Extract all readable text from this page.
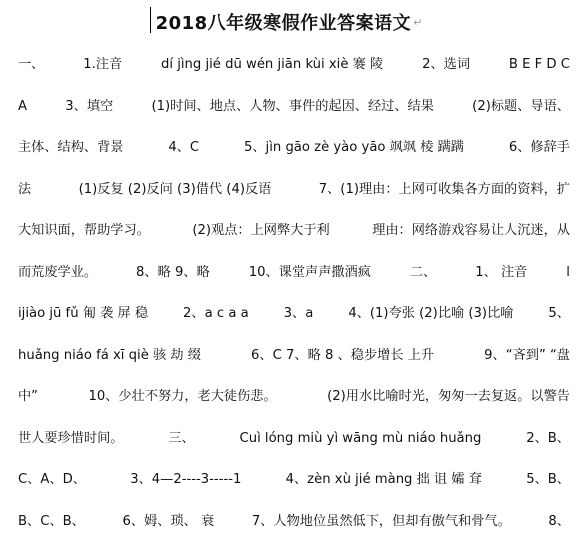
2018八年级寒假作业答案语文 ↵
一、	1.注音	dí jìng jié dū wén jiān kùi xiè 褰 陵	2、选词	B E F D C
A	3、填空	(1)时间、地点、人物、事件的起因、经过、结果	(2)标题、导语、
主体、结构、背景	4、C	5、jìn gāo zè yào yāo 飒飒 棱 蹒蹒	6、修辞手
法	(1)反复 (2)反问 (3)借代 (4)反语	7、(1)理由：上网可收集各方面的资料，扩
大知识面，帮助学习。	(2)观点：上网弊大于利	理由：网络游戏容易让人沉迷，从
而荒废学业。	8、略 9、略	10、课堂声声撒酒疯	二、	1、 注音	l
ijiào jū fǔ 匍 袭 屏 稳	2、a c a a	3、a	4、(1)夸张 (2)比喻 (3)比喻	5、
huǎng niáo fá xī qiè 骇 劫 缀	6、C 7、略 8 、稳步增长 上升	9、“吝到” “盘
中”	10、少壮不努力，老大徒伤悲。	(2)用水比喻时光，匆匆一去复返。以警告
世人要珍惜时间。	三、	Cuì lóng miù yì wāng mù niáo huǎng	2、B、
C、A、D、	3、4—2----3-----1	4、zèn xù jié màng 拙 诅 孀 耷	5、B、
B、C、B、	6、姆、琐、 衰	7、人物地位虽然低下，但却有傲气和骨气。	8、
